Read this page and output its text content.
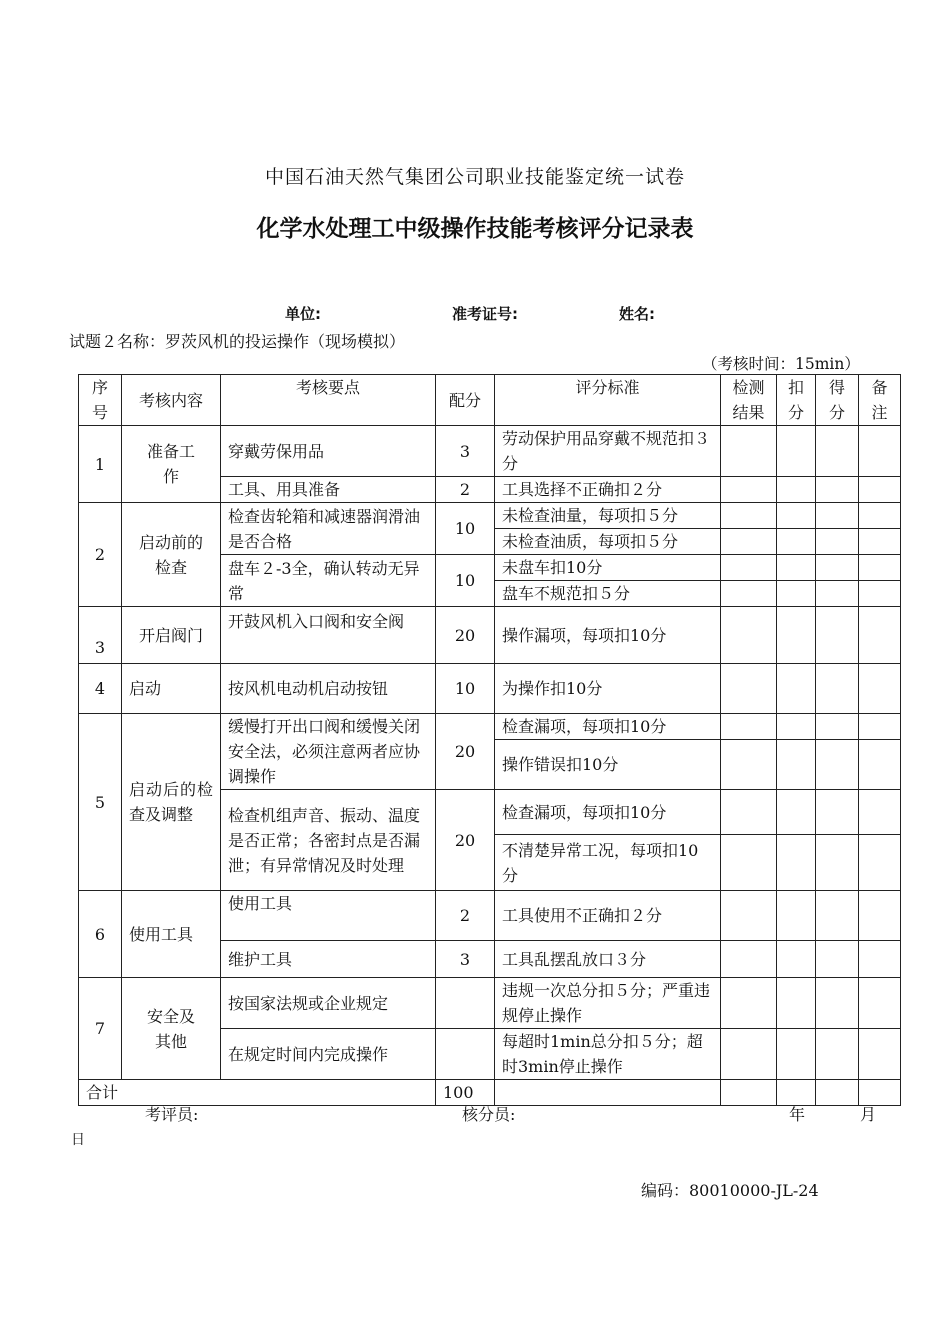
中国石油天然气集团公司职业技能鉴定统一试卷
化学水处理工中级操作技能考核评分记录表
单位:	准考证号:	姓名:
试题２名称：罗茨风机的投运操作（现场模拟）
（考核时间：15min）
序号	考核内容	考核要点	配分	评分标准	检测结果	扣分	得分	备注
1	准备工作	穿戴劳保用品	3	劳动保护用品穿戴不规范扣３分				
		工具、用具准备	2	工具选择不正确扣２分				
2	启动前的检查	检查齿轮箱和减速器润滑油是否合格	10	未检查油量，每项扣５分				
				未检查油质，每项扣５分				
		盘车２-3全，确认转动无异常	10	未盘车扣10分				
				盘车不规范扣５分				
3	开启阀门	开鼓风机入口阀和安全阀	20	操作漏项，每项扣10分				
4	启动	按风机电动机启动按钮	10	为操作扣10分				
5	启动后的检查及调整	缓慢打开出口阀和缓慢关闭安全法，必须注意两者应协调操作	20	检查漏项，每项扣10分				
				操作错误扣10分				
		检查机组声音、振动、温度是否正常；各密封点是否漏泄；有异常情况及时处理	20	检查漏项，每项扣10分				
				不清楚异常工况，每项扣10分				
6	使用工具	使用工具	2	工具使用不正确扣２分				
		维护工具	3	工具乱摆乱放口３分				
7	安全及其他	按国家法规或企业规定		违规一次总分扣５分；严重违规停止操作				
		在规定时间内完成操作		每超时1min总分扣５分；超时3min停止操作				
合计			100					
考评员:	核分员:	年	月
日
编码：80010000-JL-24
